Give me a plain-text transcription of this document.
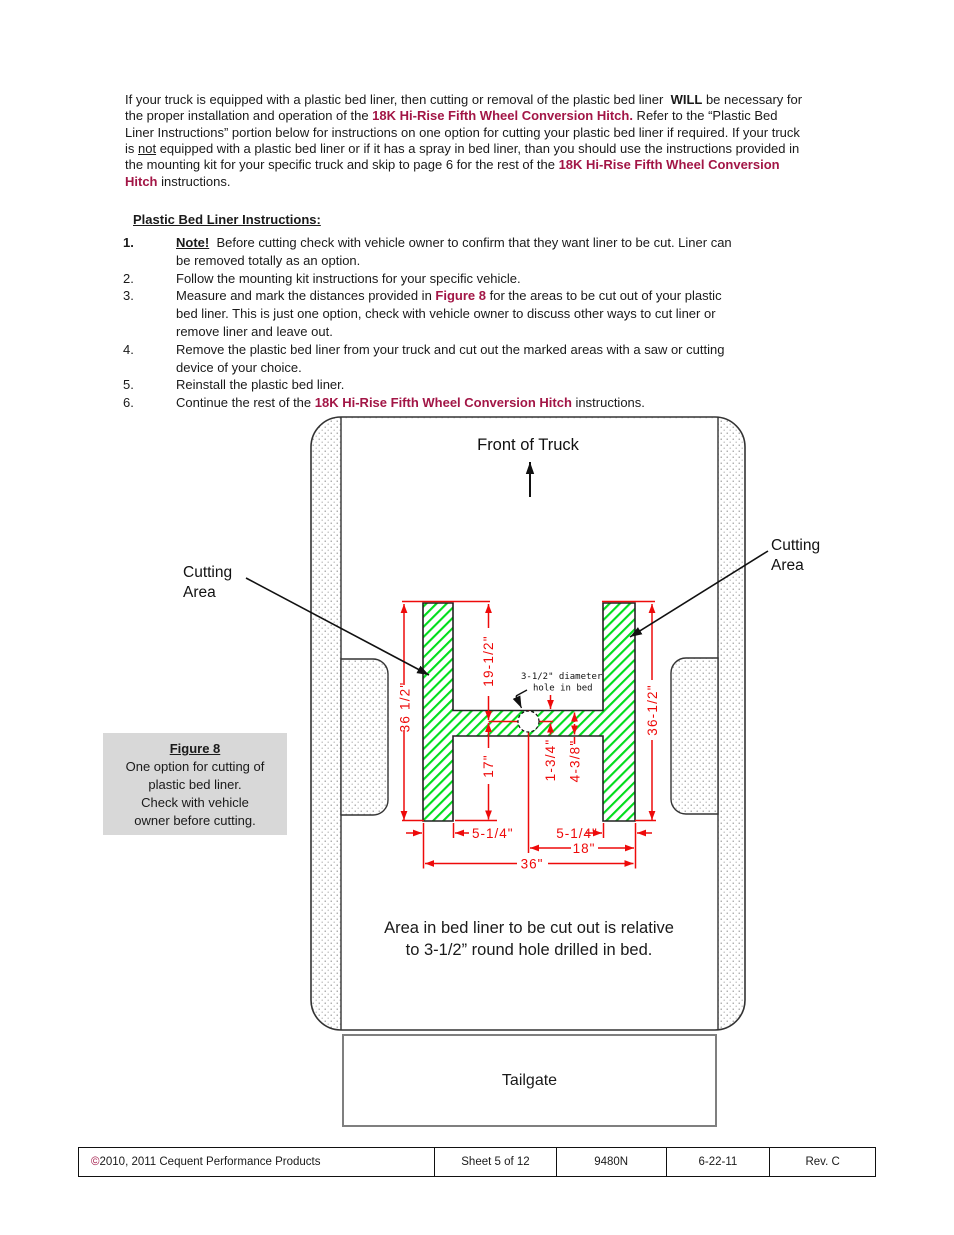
36 1/2"
19-1/2"
17"	1-3/4" 4-3/8"
36-1/2"
5-1/4"	5-1/4"
18"
36"
3-1/2" diameter
hole in bed
If your truck is equipped with a plastic bed liner, then cutting or removal of the plastic bed liner  WILL be necessary for
the proper installation and operation of the 18K Hi-Rise Fifth Wheel Conversion Hitch. Refer to the “Plastic Bed
Liner Instructions” portion below for instructions on one option for cutting your plastic bed liner if required. If your truck
is not equipped with a plastic bed liner or if it has a spray in bed liner, than you should use the instructions provided in
the mounting kit for your specific truck and skip to page 6 for the rest of the 18K Hi-Rise Fifth Wheel Conversion
Hitch instructions.
Plastic Bed Liner Instructions:
1.	Note!  Before cutting check with vehicle owner to confirm that they want liner to be cut. Liner can
be removed totally as an option.
2.	Follow the mounting kit instructions for your specific vehicle.
3.	Measure and mark the distances provided in Figure 8 for the areas to be cut out of your plastic
bed liner. This is just one option, check with vehicle owner to discuss other ways to cut liner or
remove liner and leave out.
4.	Remove the plastic bed liner from your truck and cut out the marked areas with a saw or cutting
device of your choice.
5.	Reinstall the plastic bed liner.
6.	Continue the rest of the 18K Hi-Rise Fifth Wheel Conversion Hitch instructions.
Figure 8
One option for cutting of
plastic bed liner.
Check with vehicle
owner before cutting.
Front of Truck
Cutting
Area
Cutting
Area
Area in bed liner to be cut out is relative
to 3-1/2” round hole drilled in bed.
Tailgate
© 2010, 2011 Cequent Performance Products	Sheet 5 of 12	9480N	6-22-11	Rev. C
